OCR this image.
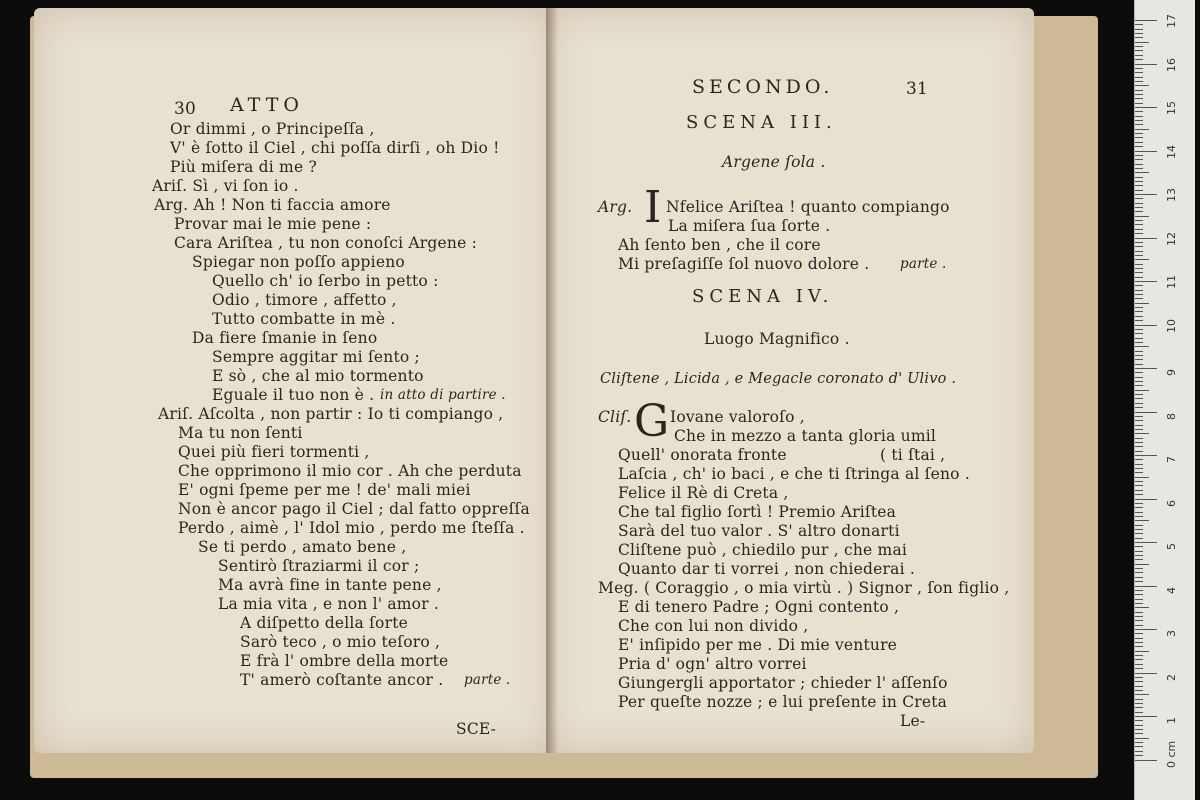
30 ATTO
Or dimmi , o Principeſſa ,
V' è ſotto il Ciel , chi poſſa dirſi , oh Dio !
Più miſera di me ?
Ariſ. Sì , vi ſon io .
Arg. Ah ! Non ti faccia amore
Provar mai le mie pene :
Cara Ariſtea , tu non conoſci Argene :
Spiegar non poſſo appieno
Quello ch' io ſerbo in petto :
Odio , timore , affetto ,
Tutto combatte in mè .
Da fiere ſmanie in ſeno
Sempre aggitar mi ſento ;
E sò , che al mio tormento
Eguale il tuo non è . in atto di partire .
Ariſ. Aſcolta , non partir : Io ti compiango ,
Ma tu non ſenti
Quei più fieri tormenti ,
Che opprimono il mio cor . Ah che perduta
E' ogni ſpeme per me ! de' mali miei
Non è ancor pago il Ciel ; dal fatto oppreſſa
Perdo , aimè , l' Idol mio , perdo me ſteſſa .
Se ti perdo , amato bene ,
Sentirò ſtraziarmi il cor ;
Ma avrà fine in tante pene ,
La mia vita , e non l' amor .
A diſpetto della ſorte
Sarò teco , o mio teſoro ,
E frà l' ombre della morte
T' amerò coſtante ancor . parte .
SCE-
SECONDO.	31
SCENA III.
Argene ſola .
Arg. I Nfelice Ariſtea ! quanto compiango
La miſera ſua ſorte .
Ah ſento ben , che il core
Mi preſagiſſe ſol nuovo dolore . parte .
SCENA IV.
Luogo Magnifico .
Cliſtene , Licida , e Megacle coronato d' Ulivo .
Cliſ. G Iovane valoroſo ,
Che in mezzo a tanta gloria umil
Quell' onorata fronte	( ti ſtai ,
Laſcia , ch' io baci , e che ti ſtringa al ſeno .
Felice il Rè di Creta ,
Che tal figlio ſortì ! Premio Ariſtea
Sarà del tuo valor . S' altro donarti
Cliſtene può , chiedilo pur , che mai
Quanto dar ti vorrei , non chiederai .
Meg. ( Coraggio , o mia virtù . ) Signor , ſon figlio ,
E di tenero Padre ; Ogni contento ,
Che con lui non divido ,
E' inſipido per me . Di mie venture
Pria d' ogn' altro vorrei
Giungergli apportator ; chieder l' aſſenſo
Per queſte nozze ; e lui preſente in Creta
Le-
17
16
15
14
13
12
11
10
9
8
7
6
5
4
3
2
1
0 cm
